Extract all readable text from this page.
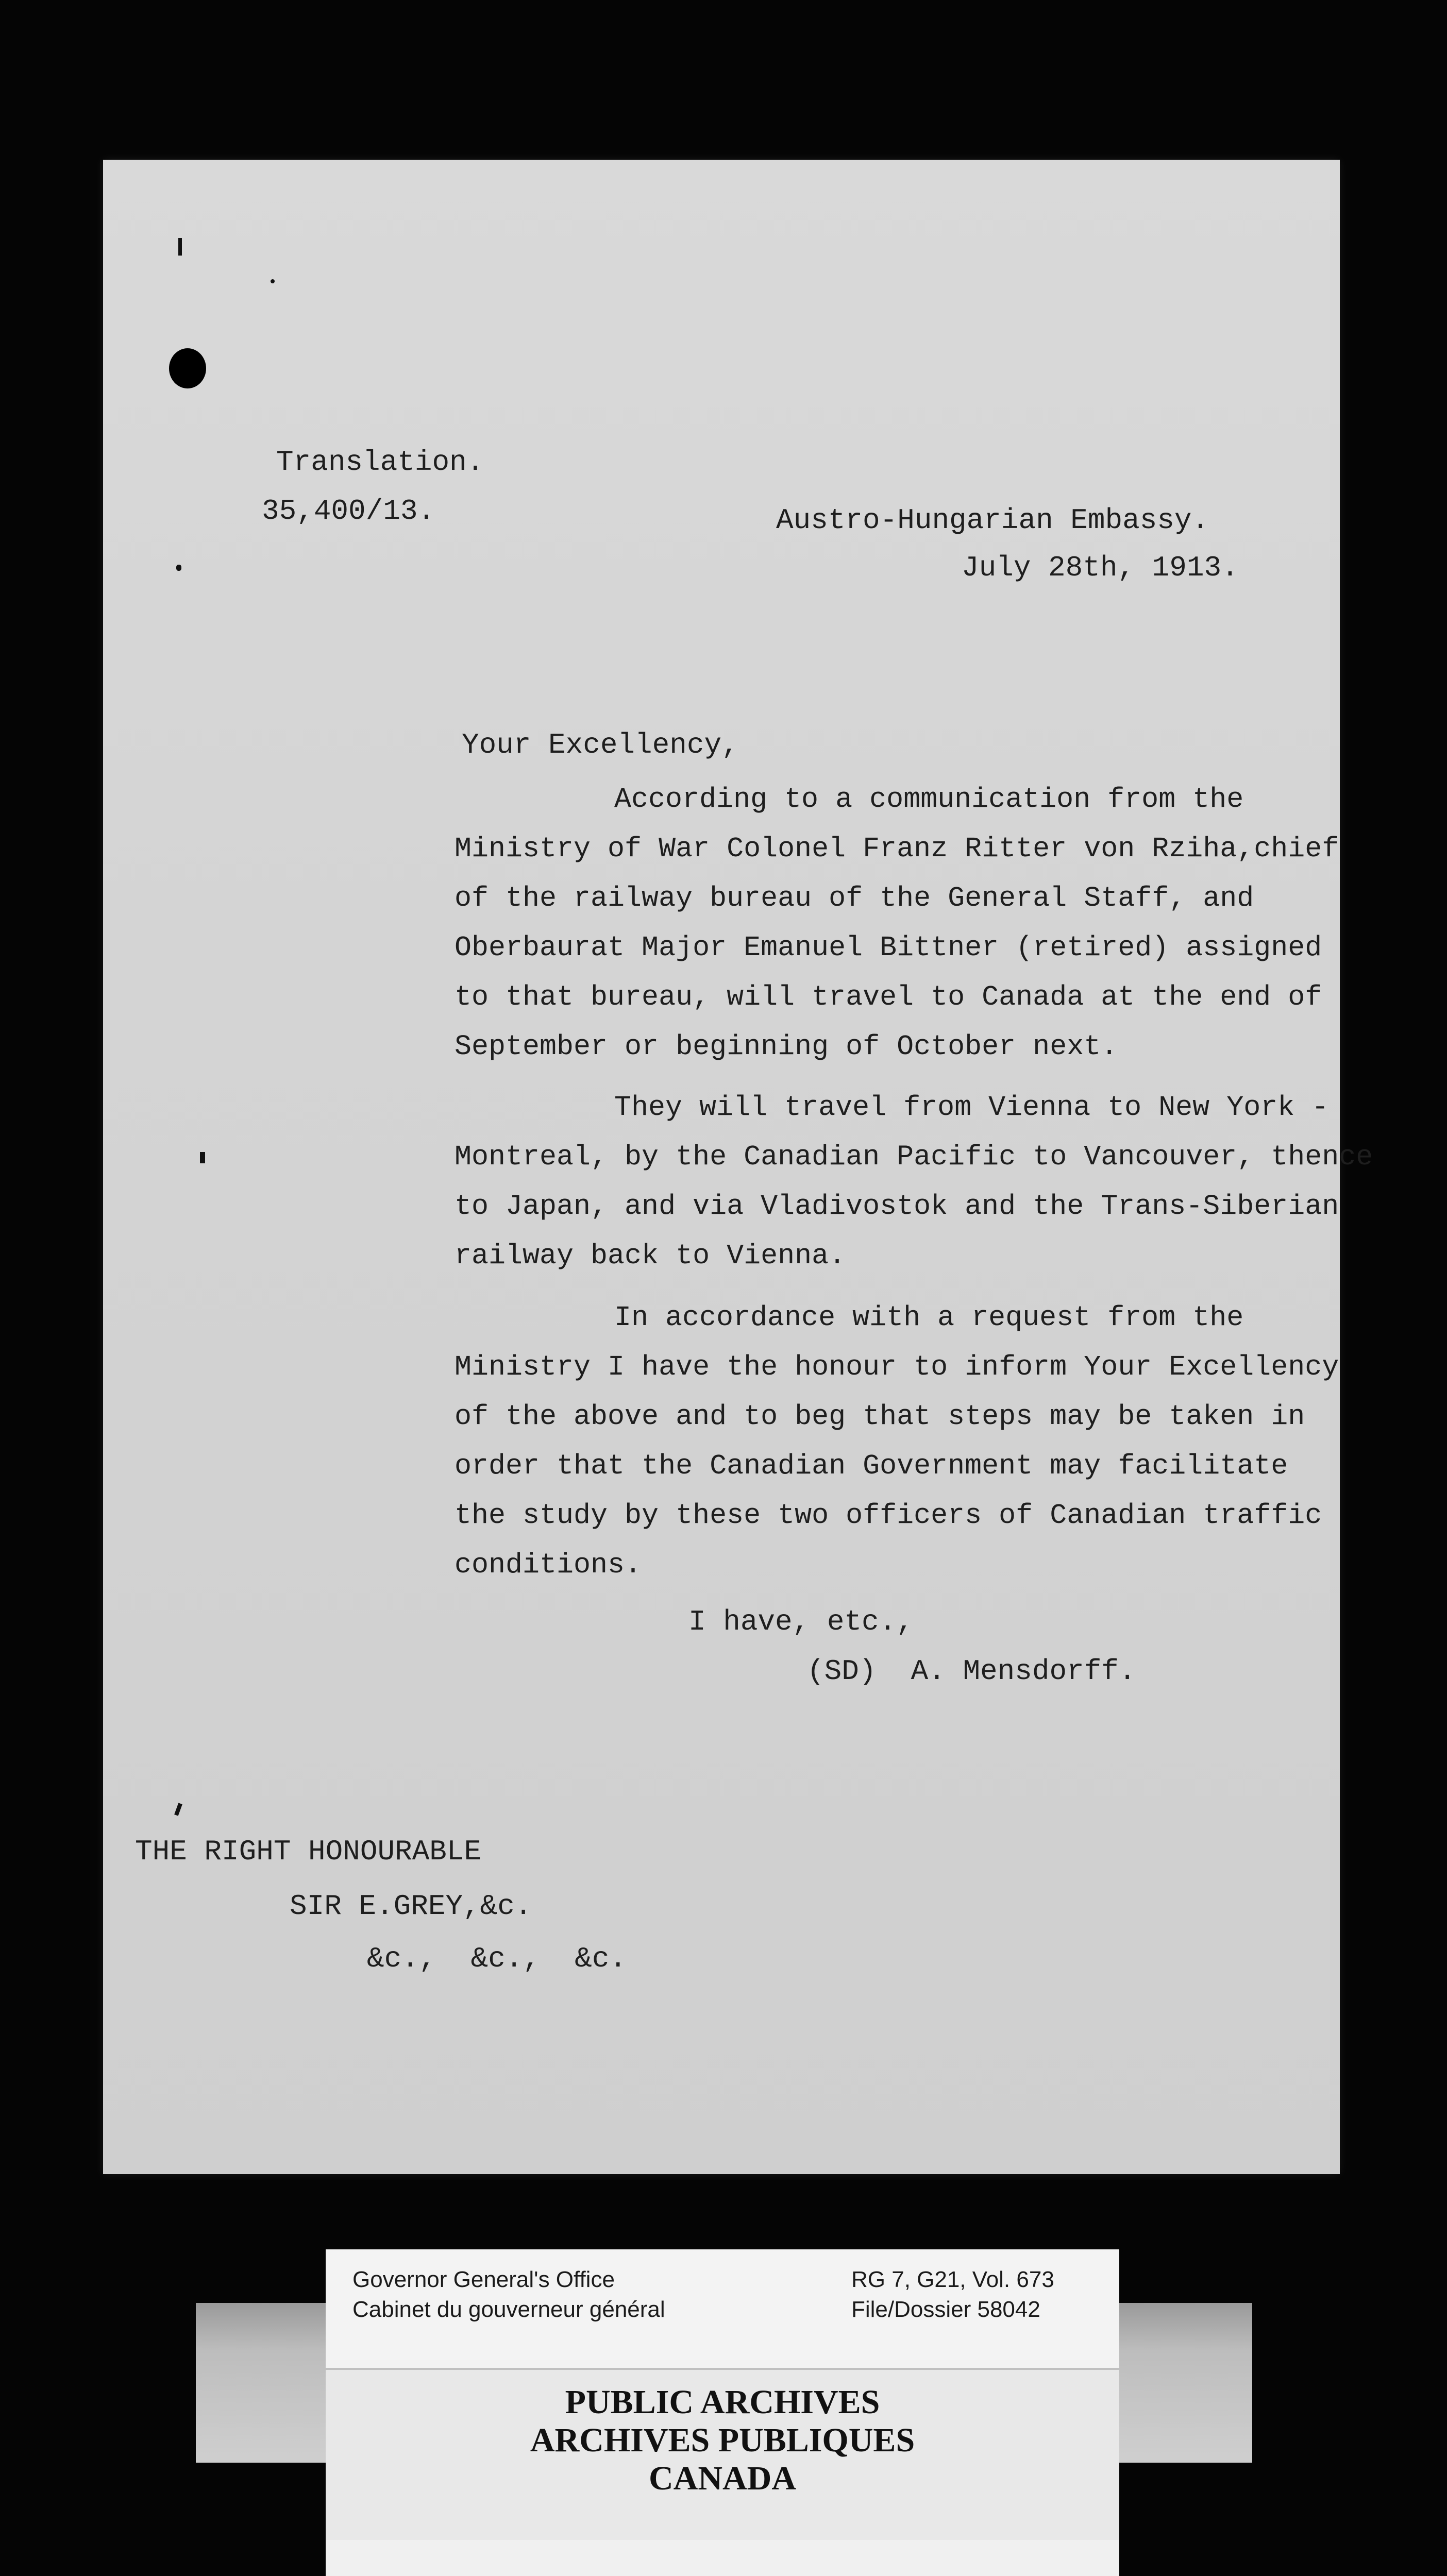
Translation.
35,400/13.	Austro-Hungarian Embassy.
July 28th, 1913.
Your Excellency,
According to a communication from the
Ministry of War Colonel Franz Ritter von Rziha,chief
of the railway bureau of the General Staff, and
Oberbaurat Major Emanuel Bittner (retired) assigned
to that bureau, will travel to Canada at the end of
September or beginning of October next.
They will travel from Vienna to New York -
Montreal, by the Canadian Pacific to Vancouver, thence
to Japan, and via Vladivostok and the Trans-Siberian
railway back to Vienna.
In accordance with a request from the
Ministry I have the honour to inform Your Excellency
of the above and to beg that steps may be taken in
order that the Canadian Government may facilitate
the study by these two officers of Canadian traffic
conditions.
I have, etc.,
(SD)  A. Mensdorff.
THE RIGHT HONOURABLE
SIR E.GREY,&c.
&c.,  &c.,  &c.
Governor General's Office
Cabinet du gouverneur général
RG 7, G21, Vol. 673
File/Dossier 58042
PUBLIC ARCHIVES
ARCHIVES PUBLIQUES
CANADA
